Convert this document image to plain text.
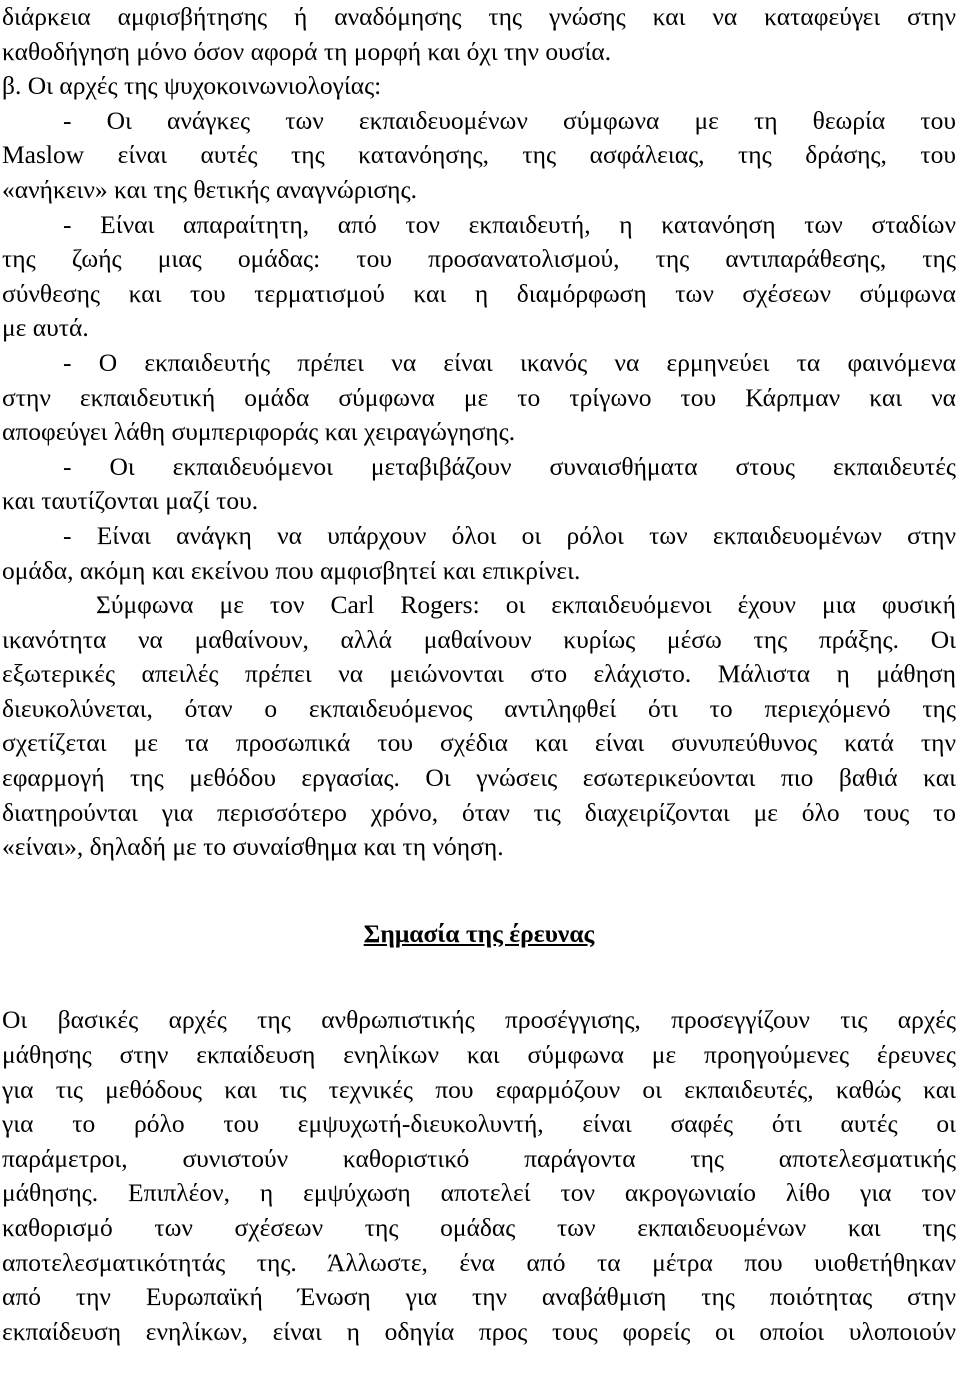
διάρκεια αμφισβήτησης ή αναδόμησης της γνώσης και να καταφεύγει στην

καθοδήγηση μόνο όσον αφορά τη μορφή και όχι την ουσία.

β. Οι αρχές της ψυχοκοινωνιολογίας:

- Οι ανάγκες των εκπαιδευομένων σύμφωνα με τη θεωρία του

Maslow είναι αυτές της κατανόησης, της ασφάλειας, της δράσης, του

«ανήκειν» και της θετικής αναγνώρισης.

- Είναι απαραίτητη, από τον εκπαιδευτή, η κατανόηση των σταδίων

της ζωής μιας ομάδας: του προσανατολισμού, της αντιπαράθεσης, της

σύνθεσης και του τερματισμού και η διαμόρφωση των σχέσεων σύμφωνα

με αυτά.

- Ο εκπαιδευτής πρέπει να είναι ικανός να ερμηνεύει τα φαινόμενα

στην εκπαιδευτική ομάδα σύμφωνα με το τρίγωνο του Κάρπμαν και να

αποφεύγει λάθη συμπεριφοράς και χειραγώγησης.

- Οι εκπαιδευόμενοι μεταβιβάζουν συναισθήματα στους εκπαιδευτές

και ταυτίζονται μαζί του.

- Είναι ανάγκη να υπάρχουν όλοι οι ρόλοι των εκπαιδευομένων στην

ομάδα, ακόμη και εκείνου που αμφισβητεί και επικρίνει.

Σύμφωνα με τον Carl Rogers: οι εκπαιδευόμενοι έχουν μια φυσική

ικανότητα να μαθαίνουν, αλλά μαθαίνουν κυρίως μέσω της πράξης. Οι

εξωτερικές απειλές πρέπει να μειώνονται στο ελάχιστο. Μάλιστα η μάθηση

διευκολύνεται, όταν ο εκπαιδευόμενος αντιληφθεί ότι το περιεχόμενό της

σχετίζεται με τα προσωπικά του σχέδια και είναι συνυπεύθυνος κατά την

εφαρμογή της μεθόδου εργασίας. Οι γνώσεις εσωτερικεύονται πιο βαθιά και

διατηρούνται για περισσότερο χρόνο, όταν τις διαχειρίζονται με όλο τους το

«είναι», δηλαδή με το συναίσθημα και τη νόηση.

Σημασία της έρευνας

Οι βασικές αρχές της ανθρωπιστικής προσέγγισης, προσεγγίζουν τις αρχές

μάθησης στην εκπαίδευση ενηλίκων και σύμφωνα με προηγούμενες έρευνες

για τις μεθόδους και τις τεχνικές που εφαρμόζουν οι εκπαιδευτές, καθώς και

για το ρόλο του εμψυχωτή-διευκολυντή, είναι σαφές ότι αυτές οι

παράμετροι, συνιστούν καθοριστικό παράγοντα της αποτελεσματικής

μάθησης. Επιπλέον, η εμψύχωση αποτελεί τον ακρογωνιαίο λίθο για τον

καθορισμό των σχέσεων της ομάδας των εκπαιδευομένων και της

αποτελεσματικότητάς της. Άλλωστε, ένα από τα μέτρα που υιοθετήθηκαν

από την Ευρωπαϊκή Ένωση για την αναβάθμιση της ποιότητας στην

εκπαίδευση ενηλίκων, είναι η οδηγία προς τους φορείς οι οποίοι υλοποιούν
